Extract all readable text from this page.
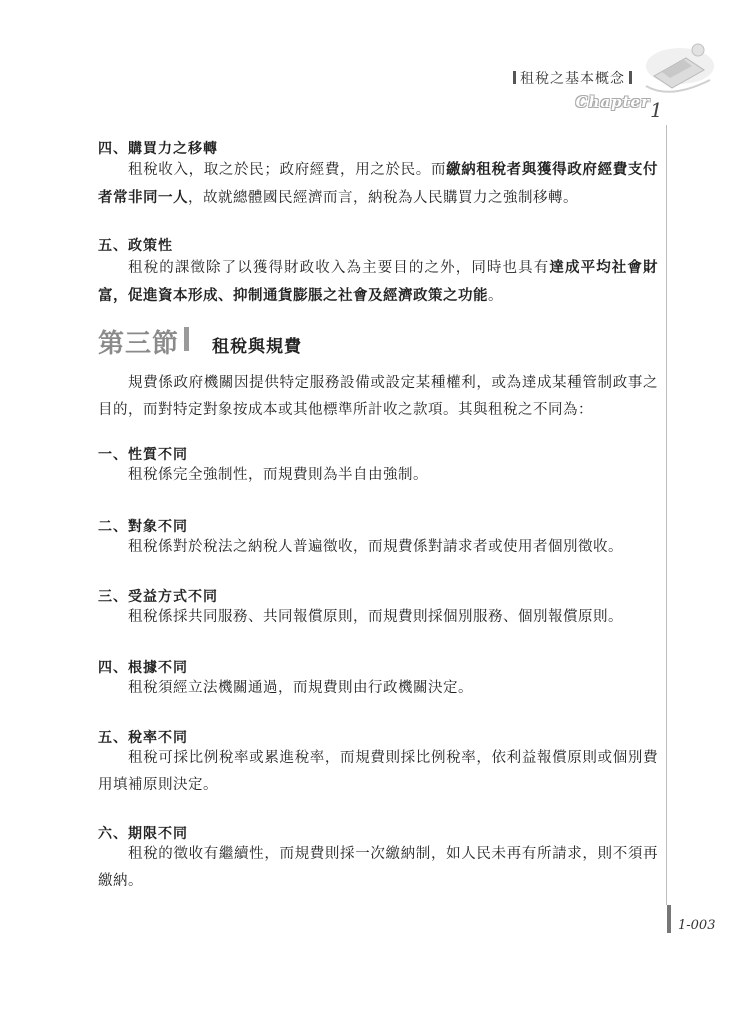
租稅之基本概念
Chapter 1
四、購買力之移轉
租稅收入，取之於民；政府經費，用之於民。而繳納租稅者與獲得政府經費支付者常非同一人，故就總體國民經濟而言，納稅為人民購買力之強制移轉。
五、政策性
租稅的課徵除了以獲得財政收入為主要目的之外，同時也具有達成平均社會財富，促進資本形成、抑制通貨膨脹之社會及經濟政策之功能。
第三節 租稅與規費
規費係政府機關因提供特定服務設備或設定某種權利，或為達成某種管制政事之目的，而對特定對象按成本或其他標準所計收之款項。其與租稅之不同為：
一、性質不同
租稅係完全強制性，而規費則為半自由強制。
二、對象不同
租稅係對於稅法之納稅人普遍徵收，而規費係對請求者或使用者個別徵收。
三、受益方式不同
租稅係採共同服務、共同報償原則，而規費則採個別服務、個別報償原則。
四、根據不同
租稅須經立法機關通過，而規費則由行政機關決定。
五、稅率不同
租稅可採比例稅率或累進稅率，而規費則採比例稅率，依利益報償原則或個別費用填補原則決定。
六、期限不同
租稅的徵收有繼續性，而規費則採一次繳納制，如人民未再有所請求，則不須再繳納。
1-003
